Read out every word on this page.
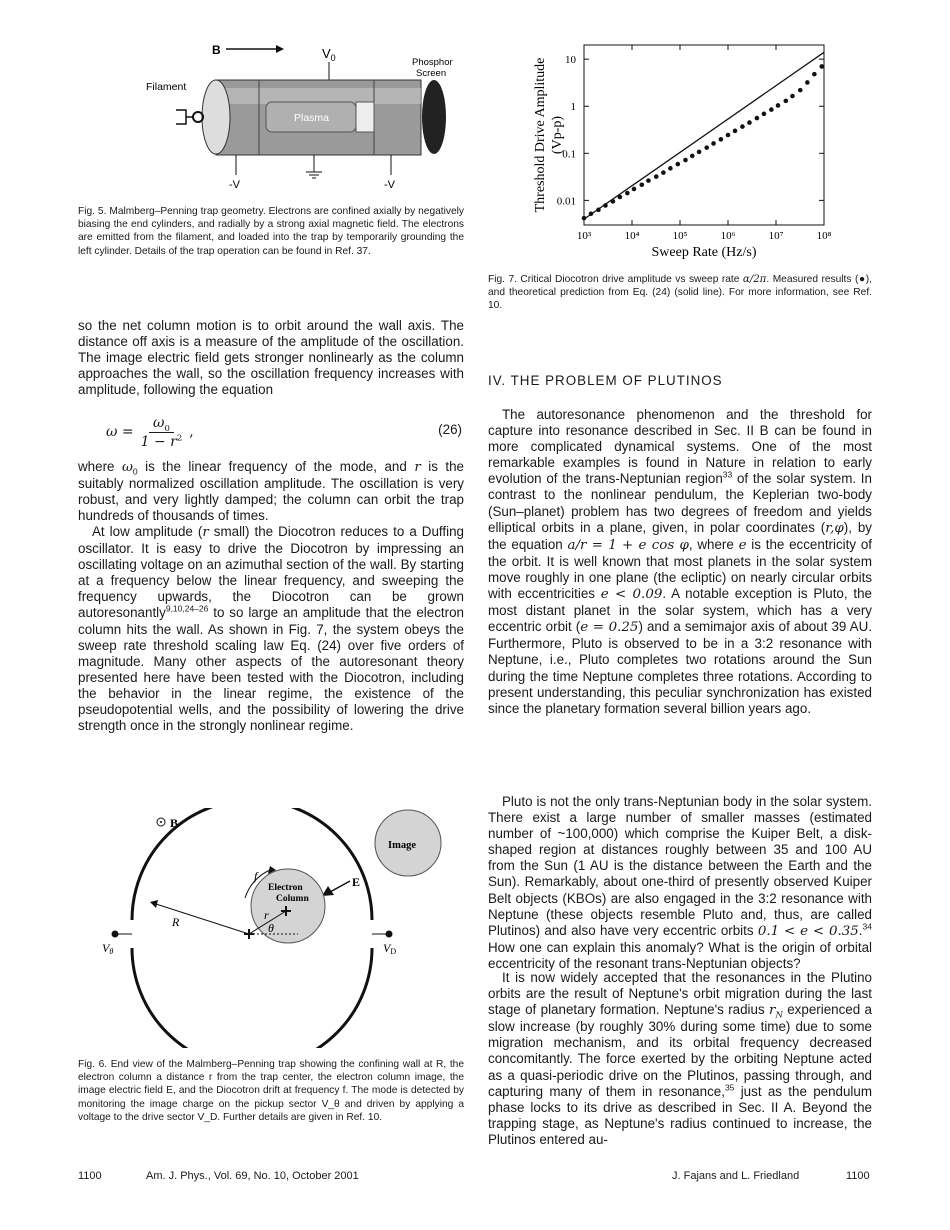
B	$V_0$	Phosphor
Screen
Plasma
Filament
-V	-V

Fig. 5. Malmberg–Penning trap geometry. Electrons are confined axially by negatively biasing the end cylinders, and radially by a strong axial magnetic field. The electrons are emitted from the filament, and loaded into the trap by temporarily grounding the left cylinder. Details of the trap operation can be found in Ref. 37.

so the net column motion is to orbit around the wall axis. The distance off axis is a measure of the amplitude of the oscillation. The image electric field gets stronger nonlinearly as the column approaches the wall, so the oscillation frequency increases with amplitude, following the equation

$\omega = \frac{\omega_0}{1 - r^2}$ ,	(26)

where $\omega_0$ is the linear frequency of the mode, and r is the suitably normalized oscillation amplitude. The oscillation is very robust, and very lightly damped; the column can orbit the trap hundreds of thousands of times.

At low amplitude (r small) the Diocotron reduces to a Duffing oscillator. It is easy to drive the Diocotron by impressing an oscillating voltage on an azimuthal section of the wall. By starting at a frequency below the linear frequency, and sweeping the frequency upwards, the Diocotron can be grown autoresonantly$^{9,10,24-26}$ to so large an amplitude that the electron column hits the wall. As shown in Fig. 7, the system obeys the sweep rate threshold scaling law Eq. (24) over five orders of magnitude. Many other aspects of the autoresonant theory presented here have been tested with the Diocotron, including the behavior in the linear regime, the existence of the pseudopotential wells, and the possibility of lowering the drive strength once in the strongly nonlinear regime.

B
Image
E
Electron
Column
f
r
θ
R
Vθ	VD

Fig. 6. End view of the Malmberg–Penning trap showing the confining wall at R, the electron column a distance r from the trap center, the electron column image, the image electric field E, and the Diocotron drift at frequency f. The mode is detected by monitoring the image charge on the pickup sector V_θ and driven by applying a voltage to the drive sector V_D. Further details are given in Ref. 10.

Threshold Drive Amplitude (Vp-p)
Sweep Rate (Hz/s)
10³	10⁴	10⁵	10⁶	10⁷	10⁸
0.01
0.1
1
10

Fig. 7. Critical Diocotron drive amplitude vs sweep rate α/2π. Measured results (●), and theoretical prediction from Eq. (24) (solid line). For more information, see Ref. 10.

IV. THE PROBLEM OF PLUTINOS

The autoresonance phenomenon and the threshold for capture into resonance described in Sec. II B can be found in more complicated dynamical systems. One of the most remarkable examples is found in Nature in relation to early evolution of the trans-Neptunian region$^{33}$ of the solar system. In contrast to the nonlinear pendulum, the Keplerian two-body (Sun–planet) problem has two degrees of freedom and yields elliptical orbits in a plane, given, in polar coordinates (r,φ), by the equation a/r = 1 + e cos φ, where e is the eccentricity of the orbit. It is well known that most planets in the solar system move roughly in one plane (the ecliptic) on nearly circular orbits with eccentricities e < 0.09. A notable exception is Pluto, the most distant planet in the solar system, which has a very eccentric orbit (e = 0.25) and a semimajor axis of about 39 AU. Furthermore, Pluto is observed to be in a 3:2 resonance with Neptune, i.e., Pluto completes two rotations around the Sun during the time Neptune completes three rotations. According to present understanding, this peculiar synchronization has existed since the planetary formation several billion years ago.

Pluto is not the only trans-Neptunian body in the solar system. There exist a large number of smaller masses (estimated number of ~100,000) which comprise the Kuiper Belt, a disk-shaped region at distances roughly between 35 and 100 AU from the Sun (1 AU is the distance between the Earth and the Sun). Remarkably, about one-third of presently observed Kuiper Belt objects (KBOs) are also engaged in the 3:2 resonance with Neptune (these objects resemble Pluto and, thus, are called Plutinos) and also have very eccentric orbits 0.1 < e < 0.35.34 How one can explain this anomaly? What is the origin of orbital eccentricity of the resonant trans-Neptunian objects?

It is now widely accepted that the resonances in the Plutino orbits are the result of Neptune's orbit migration during the last stage of planetary formation. Neptune's radius $r_N$ experienced a slow increase (by roughly 30% during some time) due to some migration mechanism, and its orbital frequency decreased concomitantly. The force exerted by the orbiting Neptune acted as a quasi-periodic drive on the Plutinos, passing through, and capturing many of them in resonance,$^{35}$ just as the pendulum phase locks to its drive as described in Sec. II A. Beyond the trapping stage, as Neptune's radius continued to increase, the Plutinos entered au-

1100	Am. J. Phys., Vol. 69, No. 10, October 2001	J. Fajans and L. Friedland	1100
